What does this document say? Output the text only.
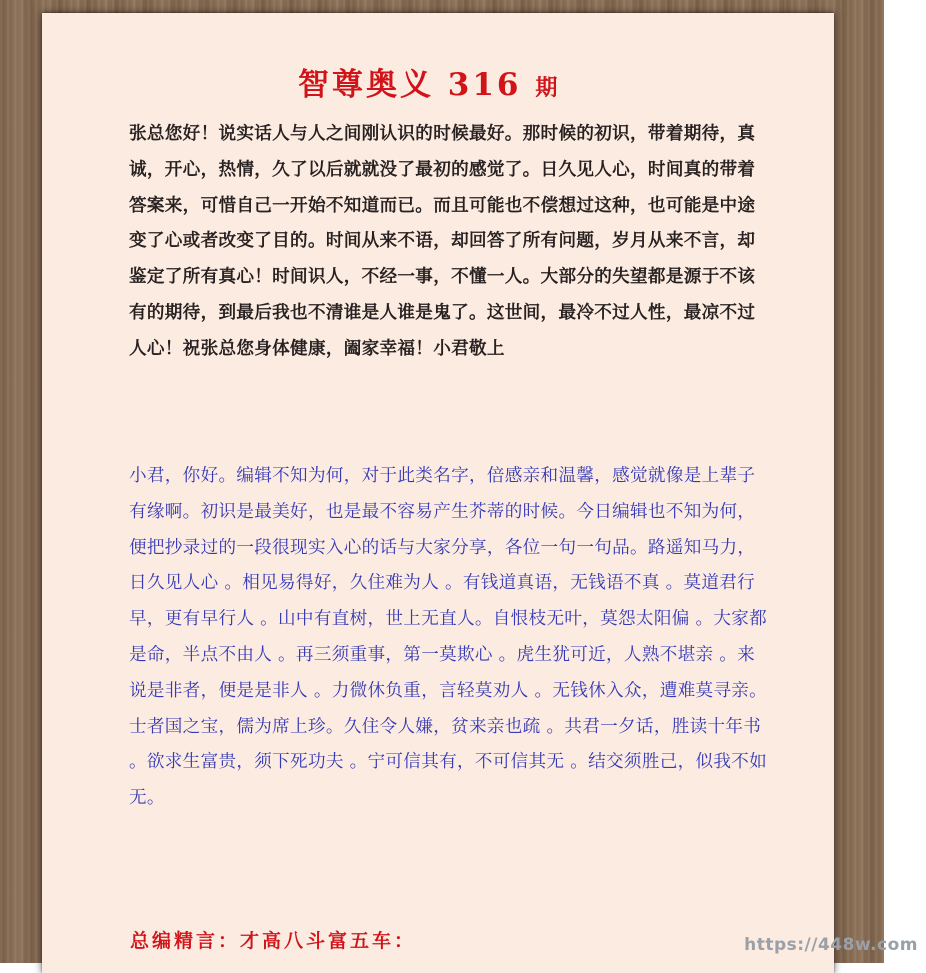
智尊奥义 316 期

张总您好！说实话人与人之间刚认识的时候最好。那时候的初识，带着期待，真诚，开心，热情，久了以后就就没了最初的感觉了。日久见人心，时间真的带着答案来，可惜自己一开始不知道而已。而且可能也不偿想过这种，也可能是中途变了心或者改变了目的。时间从来不语，却回答了所有问题，岁月从来不言，却鉴定了所有真心！时间识人，不经一事，不懂一人。大部分的失望都是源于不该有的期待，到最后我也不清谁是人谁是鬼了。这世间，最冷不过人性，最凉不过人心！祝张总您身体健康，阖家幸福！小君敬上

小君，你好。编辑不知为何，对于此类名字，倍感亲和温馨，感觉就像是上辈子有缘啊。初识是最美好，也是最不容易产生芥蒂的时候。今日编辑也不知为何，便把抄录过的一段很现实入心的话与大家分享，各位一句一句品。路遥知马力，日久见人心 。相见易得好，久住难为人 。有钱道真语，无钱语不真 。莫道君行早，更有早行人 。山中有直树，世上无直人。自恨枝无叶，莫怨太阳偏 。大家都是命，半点不由人 。再三须重事，第一莫欺心 。虎生犹可近，人熟不堪亲 。来说是非者，便是是非人 。力微休负重，言轻莫劝人 。无钱休入众，遭难莫寻亲。士者国之宝，儒为席上珍。久住令人嫌，贫来亲也疏 。共君一夕话，胜读十年书 。欲求生富贵，须下死功夫 。宁可信其有，不可信其无 。结交须胜己，似我不如无。

总编精言：才高八斗富五车：	https://448w.com
